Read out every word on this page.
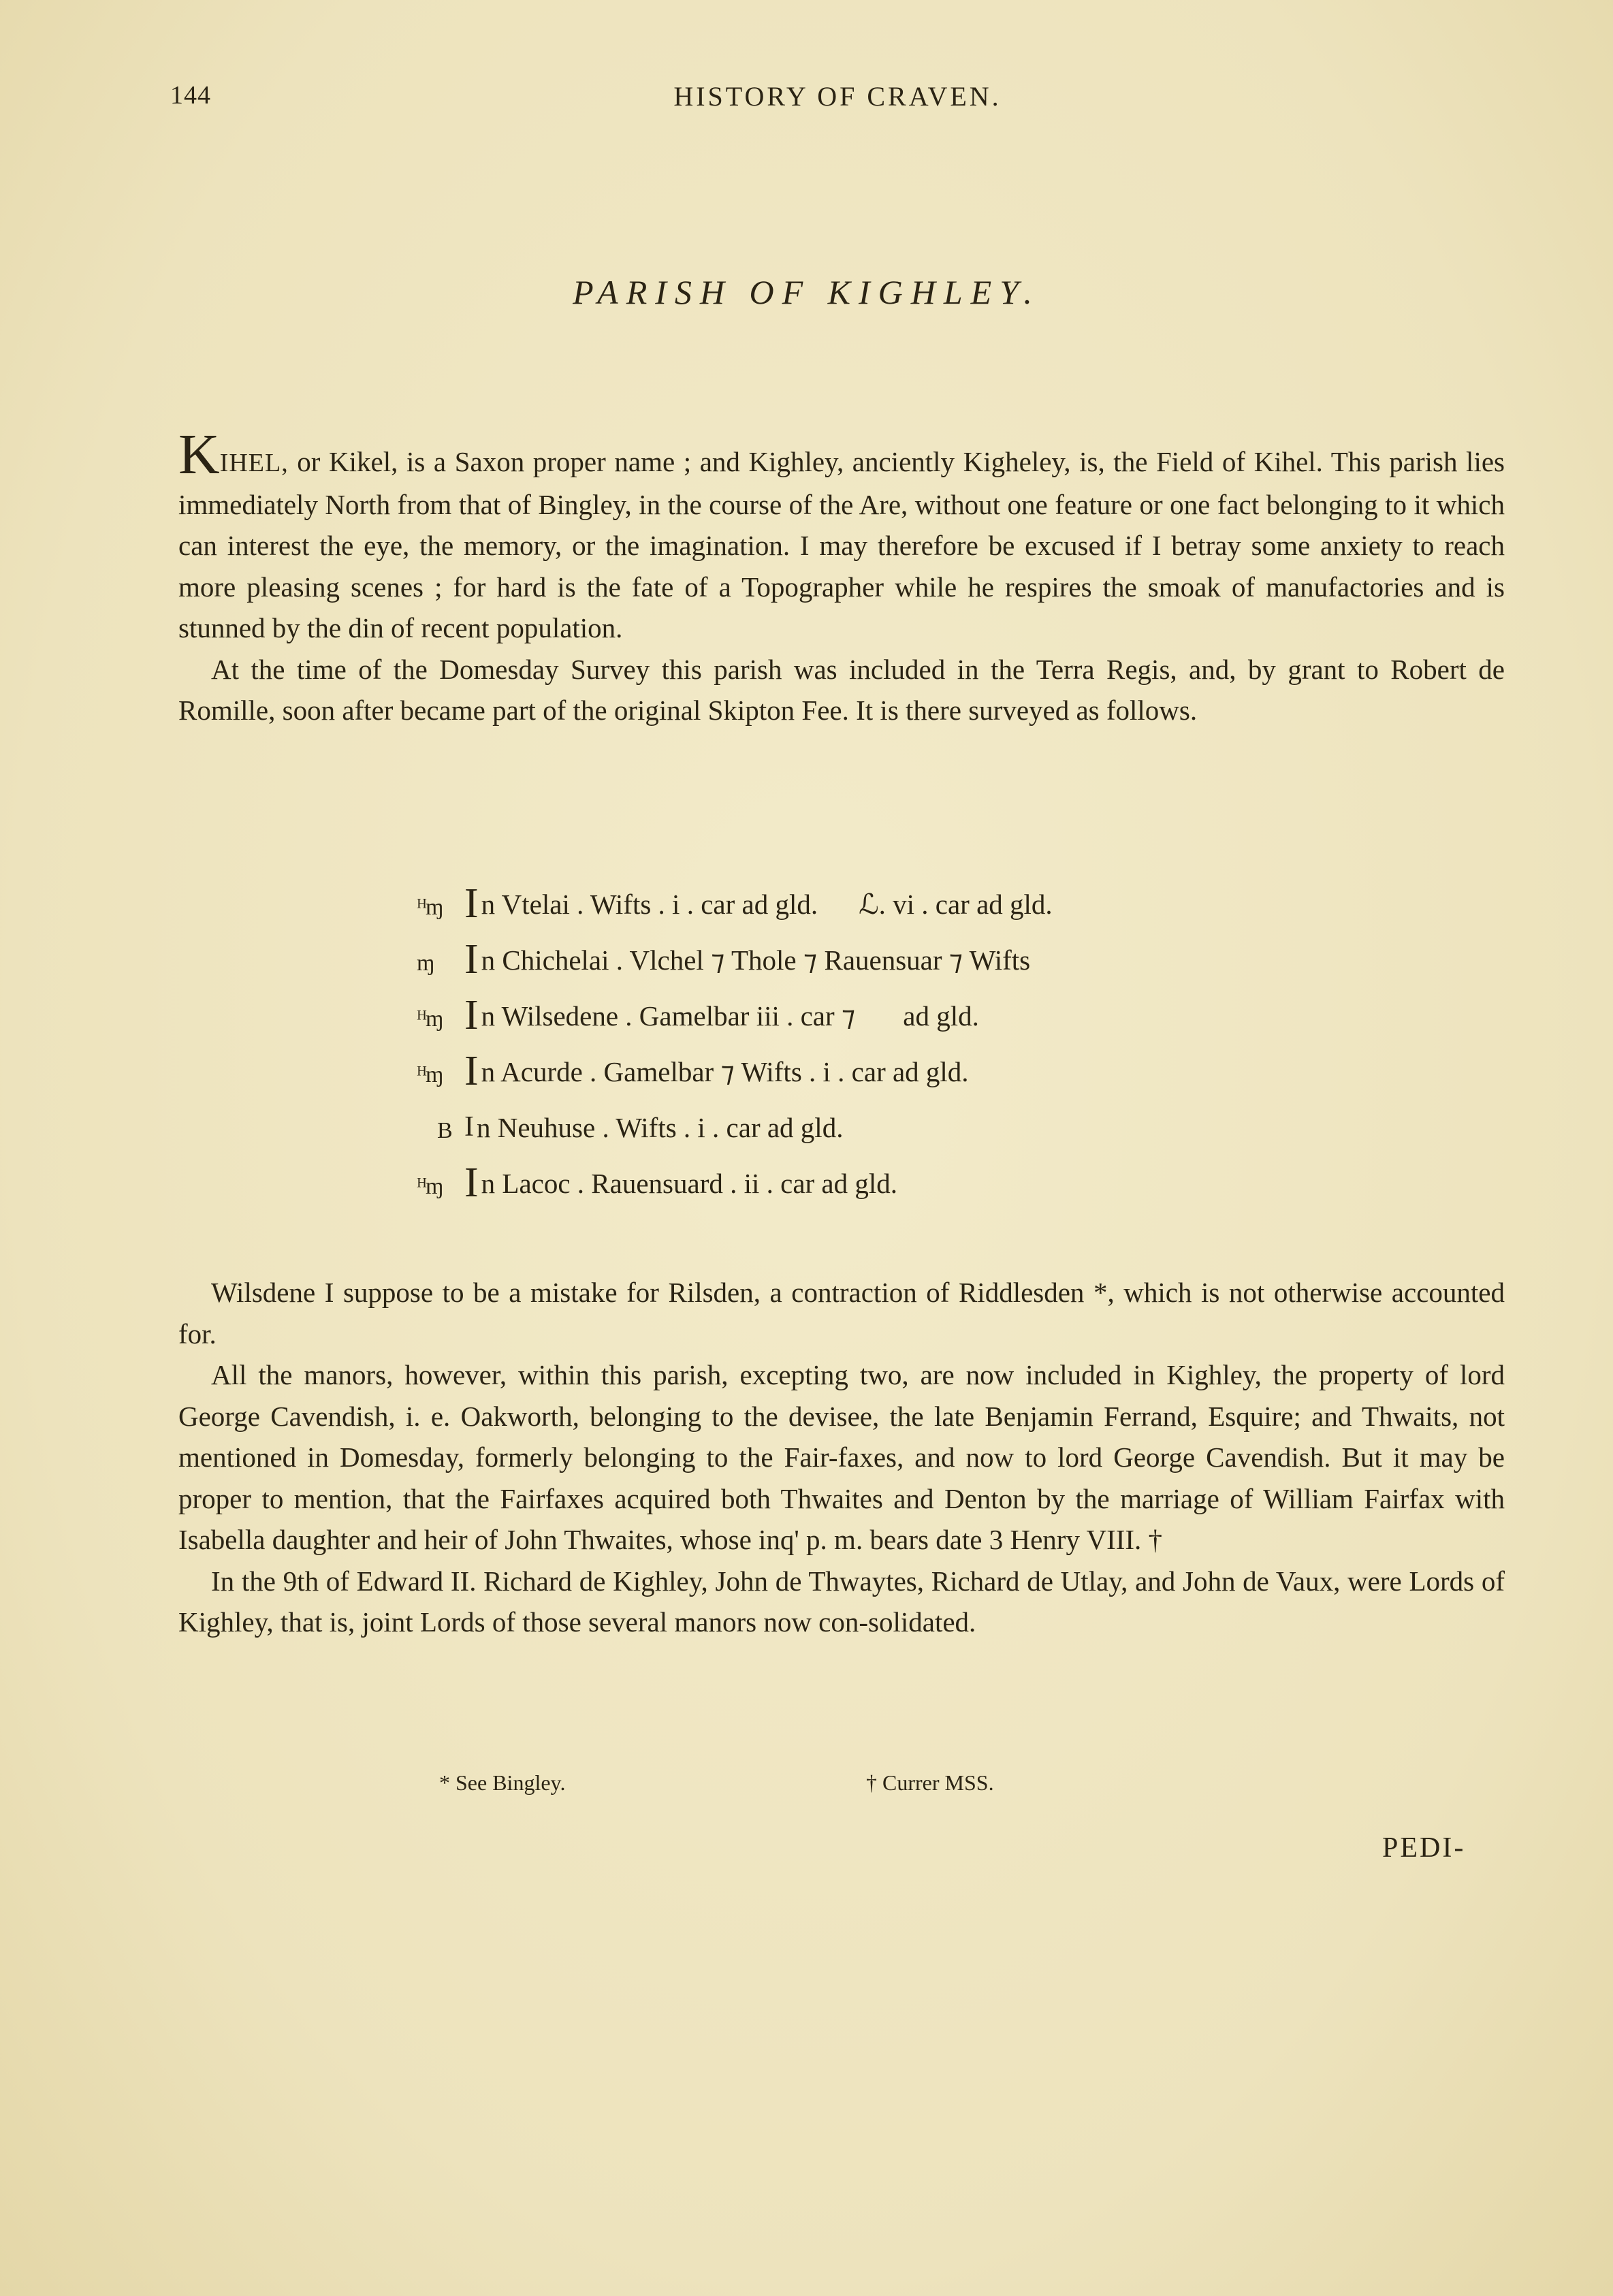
144	HISTORY OF CRAVEN.
PARISH OF KIGHLEY.

KIHEL, or Kikel, is a Saxon proper name ; and Kighley, anciently Kigheley, is, the Field of Kihel. This parish lies immediately North from that of Bingley, in the course of the Are, without one feature or one fact belonging to it which can interest the eye, the memory, or the imagination. I may therefore be excused if I betray some anxiety to reach more pleasing scenes ; for hard is the fate of a Topographer while he respires the smoak of manufactories and is stunned by the din of recent population.

At the time of the Domesday Survey this parish was included in the Terra Regis, and, by grant to Robert de Romille, soon after became part of the original Skipton Fee. It is there surveyed as follows.

ᴴɱ I n Vtelai . Wifts . i . car ad gld. ℒ. vi . car ad gld.
ɱ I n Chichelai . Vlchel ⁊ Thole ⁊ Rauensuar ⁊ Wifts
ᴴɱ I n Wilsedene . Gamelbar iii . car ⁊ ad gld.
ᴴɱ I n Acurde . Gamelbar ⁊ Wifts . i . car ad gld.
B I n Neuhuse . Wifts . i . car ad gld.
ᴴɱ I n Lacoc . Rauensuard . ii . car ad gld.

Wilsdene I suppose to be a mistake for Rilsden, a contraction of Riddlesden *, which is not otherwise accounted for.

All the manors, however, within this parish, excepting two, are now included in Kighley, the property of lord George Cavendish, i. e. Oakworth, belonging to the devisee, the late Benjamin Ferrand, Esquire; and Thwaits, not mentioned in Domesday, formerly belonging to the Fair-faxes, and now to lord George Cavendish. But it may be proper to mention, that the Fairfaxes acquired both Thwaites and Denton by the marriage of William Fairfax with Isabella daughter and heir of John Thwaites, whose inq' p. m. bears date 3 Henry VIII. †

In the 9th of Edward II. Richard de Kighley, John de Thwaytes, Richard de Utlay, and John de Vaux, were Lords of Kighley, that is, joint Lords of those several manors now con-solidated.

* See Bingley.	† Currer MSS.
PEDI-
